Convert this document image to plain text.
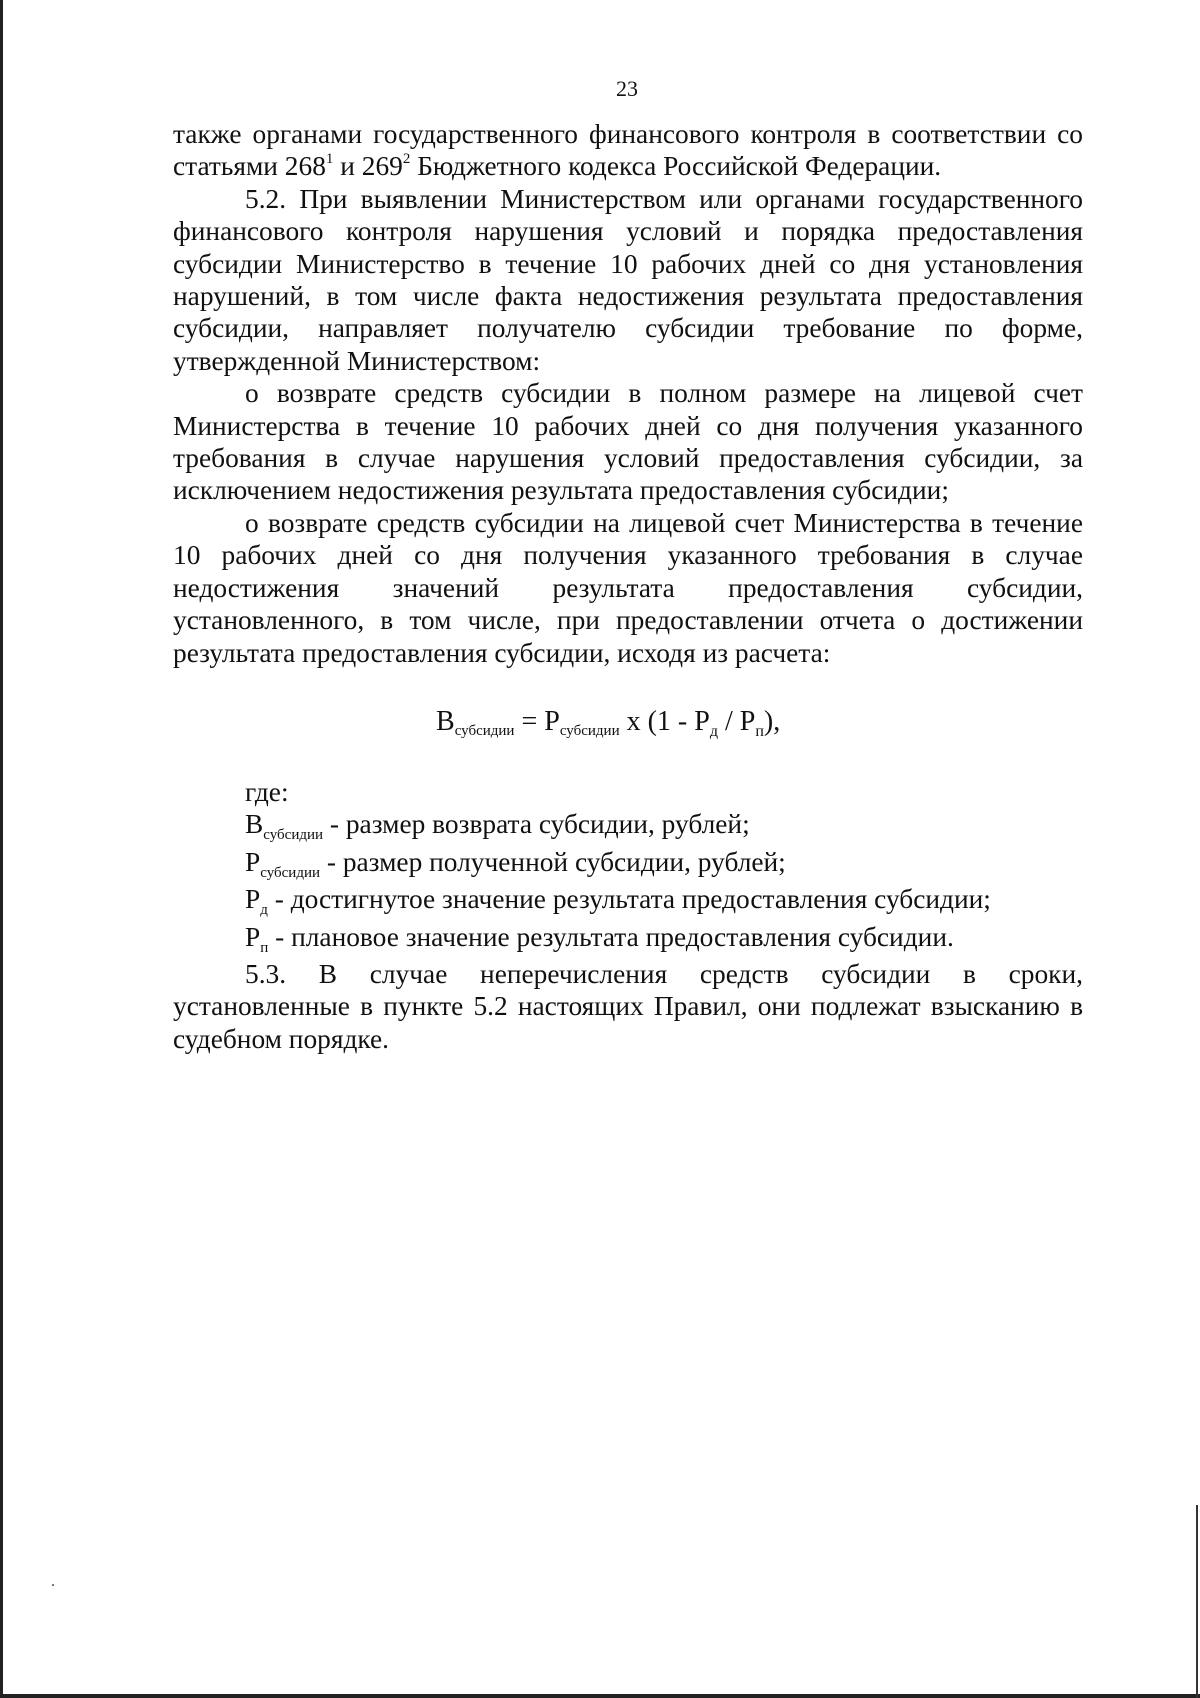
23

также органами государственного финансового контроля в соответствии со статьями $268^1$ и $269^2$ Бюджетного кодекса Российской Федерации.

5.2. При выявлении Министерством или органами государственного финансового контроля нарушения условий и порядка предоставления субсидии Министерство в течение 10 рабочих дней со дня установления нарушений, в том числе факта недостижения результата предоставления субсидии, направляет получателю субсидии требование по форме, утвержденной Министерством:

о возврате средств субсидии в полном размере на лицевой счет Министерства в течение 10 рабочих дней со дня получения указанного требования в случае нарушения условий предоставления субсидии, за исключением недостижения результата предоставления субсидии;

о возврате средств субсидии на лицевой счет Министерства в течение 10 рабочих дней со дня получения указанного требования в случае недостижения значений результата предоставления субсидии, установленного, в том числе, при предоставлении отчета о достижении результата предоставления субсидии, исходя из расчета:

Всубсидии = Рсубсидии х $(1 - Р_д / Р_п)$,

где:

$В_{субсидии}$ - размер возврата субсидии, рублей;

$Р_{субсидии}$ - размер полученной субсидии, рублей;

$Р_д$ - достигнутое значение результата предоставления субсидии;

$Р_п$ - плановое значение результата предоставления субсидии.

5.3. В случае неперечисления средств субсидии в сроки, установленные в пункте 5.2 настоящих Правил, они подлежат взысканию в судебном порядке.
